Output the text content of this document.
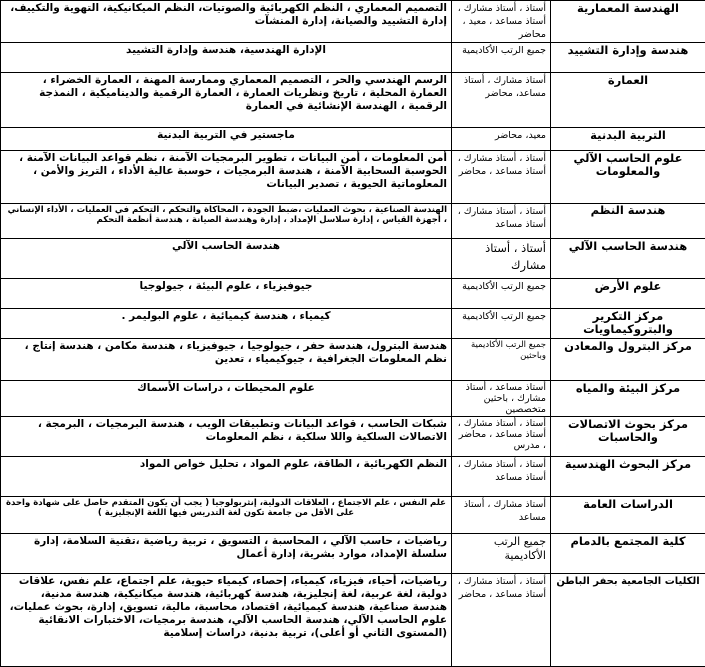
الهندسة المعمارية	أستاذ ، أستاذ مشارك ، أستاذ مساعد ، معيد ، محاضر	التصميم المعماري ، النظم الكهربائية والصوتيات، النظم الميكانيكية، التهوية والتكييف، إدارة التشييد والصيانة، إدارة المنشآت
هندسة وإدارة التشييد	جميع الرتب الأكاديمية	الإدارة الهندسية، هندسة وإدارة التشييد
العمارة	أستاذ مشارك ، أستاذ مساعد، محاضر	الرسم الهندسي والحر ، التصميم المعماري وممارسة المهنة ، العمارة الخضراء ، العمارة المحلية ، تاريخ ونظريات العمارة ، العمارة الرقمية والديناميكية ، النمذجة الرقمية ، الهندسة الإنشائية في العمارة
التربية البدنية	معيد، محاضر	ماجستير في التربية البدنية
علوم الحاسب الآلي والمعلومات	أستاذ ، أستاذ مشارك ، أستاذ مساعد ، محاضر	أمن المعلومات ، أمن البيانات ، تطوير البرمجيات الآمنة ، نظم قواعد البيانات الآمنة ، الحوسبة السحابية الآمنة ، هندسة البرمجيات ، حوسبة عالية الأداء ، التريز والأمن ، المعلوماتية الحيوية ، تصدير البيانات
هندسة النظم	أستاذ ، أستاذ مشارك ، أستاذ مساعد	الهندسة الصناعية ، بحوث العمليات ،ضبط الجودة ، المحاكاة والتحكم ، التحكم في العمليات ، الأداء الإنساني ، أجهزة القياس ، إدارة سلاسل الإمداد ، إدارة وهندسة الصيانة ، هندسة أنظمة التحكم
هندسة الحاسب الآلي	أستاذ ، أستاذ مشارك	هندسة الحاسب الآلي
علوم الأرض	جميع الرتب الأكاديمية	جيوفيزياء ، علوم البيئة ، جيولوجيا
مركز التكرير والبتروكيماويات	جميع الرتب الأكاديمية	كيمياء ، هندسة كيميائية ، علوم البوليمر .
مركز البترول والمعادن	جميع الرتب الأكاديمية وباحثين	هندسة البترول، هندسة حفر ، جيولوجيا ، جيوفيزياء ، هندسة مكامن ، هندسة إنتاج ، نظم المعلومات الجغرافية ، جيوكيمياء ، تعدين
مركز البيئة والمياه	أستاذ مساعد ، أستاذ مشارك ، باحثين متخصصين	علوم المحيطات ، دراسات الأسماك
مركز بحوث الاتصالات والحاسبات	أستاذ ، أستاذ مشارك ، أستاذ مساعد ، محاضر ، مدرس	شبكات الحاسب ، قواعد البيانات وتطبيقات الويب ، هندسة البرمجيات ، البرمجة ، الاتصالات السلكية واللا سلكية ، نظم المعلومات
مركز البحوث الهندسية	أستاذ ، أستاذ مشارك ، أستاذ مساعد	النظم الكهربائية ، الطاقة، علوم المواد ، تحليل خواص المواد
الدراسات العامة	أستاذ مشارك ، أستاذ مساعد	علم النفس ، علم الاجتماع ، العلاقات الدولية، إنثربولوجيا ( يجب أن يكون المتقدم حاصل على شهادة واحدة على الأقل من جامعة تكون لغة التدريس فيها اللغة الإنجليزية )
كلية المجتمع بالدمام	جميع الرتب الأكاديمية	رياضيات ، حاسب الآلي ، المحاسبة ، التسويق ، تربية رياضية ،تقنية السلامة، إدارة سلسلة الإمداد، موارد بشرية، إدارة أعمال
الكليات الجامعية بحفر الباطن	أستاذ ، أستاذ مشارك ، أستاذ مساعد ، محاضر	رياضيات، أحياء، فيزياء، كيمياء، إحصاء، كيمياء حيوية، علم اجتماع، علم نفس، علاقات دولية، لغة عربية، لغة إنجليزية، هندسة كهربائية، هندسة ميكانيكية، هندسة مدنية، هندسة صناعية، هندسة كيميائية، اقتصاد، محاسبة، مالية، تسويق، إدارة، بحوث عمليات، علوم الحاسب الآلي، هندسة الحاسب الآلي، هندسة برمجيات، الاختبارات الانقائية (المستوى الثاني أو أعلى)، تربية بدنية، دراسات إسلامية
